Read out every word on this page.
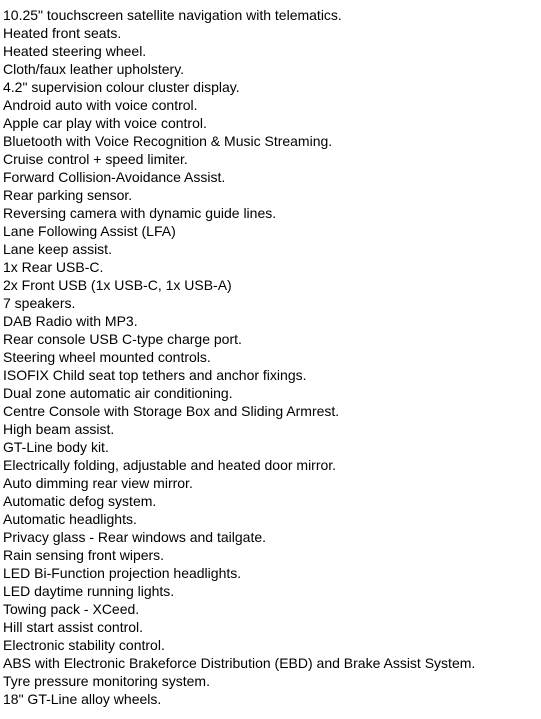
10.25" touchscreen satellite navigation with telematics.
Heated front seats.
Heated steering wheel.
Cloth/faux leather upholstery.
4.2" supervision colour cluster display.
Android auto with voice control.
Apple car play with voice control.
Bluetooth with Voice Recognition & Music Streaming.
Cruise control + speed limiter.
Forward Collision-Avoidance Assist.
Rear parking sensor.
Reversing camera with dynamic guide lines.
Lane Following Assist (LFA)
Lane keep assist.
1x Rear USB-C.
2x Front USB (1x USB-C, 1x USB-A)
7 speakers.
DAB Radio with MP3.
Rear console USB C-type charge port.
Steering wheel mounted controls.
ISOFIX Child seat top tethers and anchor fixings.
Dual zone automatic air conditioning.
Centre Console with Storage Box and Sliding Armrest.
High beam assist.
GT-Line body kit.
Electrically folding, adjustable and heated door mirror.
Auto dimming rear view mirror.
Automatic defog system.
Automatic headlights.
Privacy glass - Rear windows and tailgate.
Rain sensing front wipers.
LED Bi-Function projection headlights.
LED daytime running lights.
Towing pack - XCeed.
Hill start assist control.
Electronic stability control.
ABS with Electronic Brakeforce Distribution (EBD) and Brake Assist System.
Tyre pressure monitoring system.
18" GT-Line alloy wheels.
